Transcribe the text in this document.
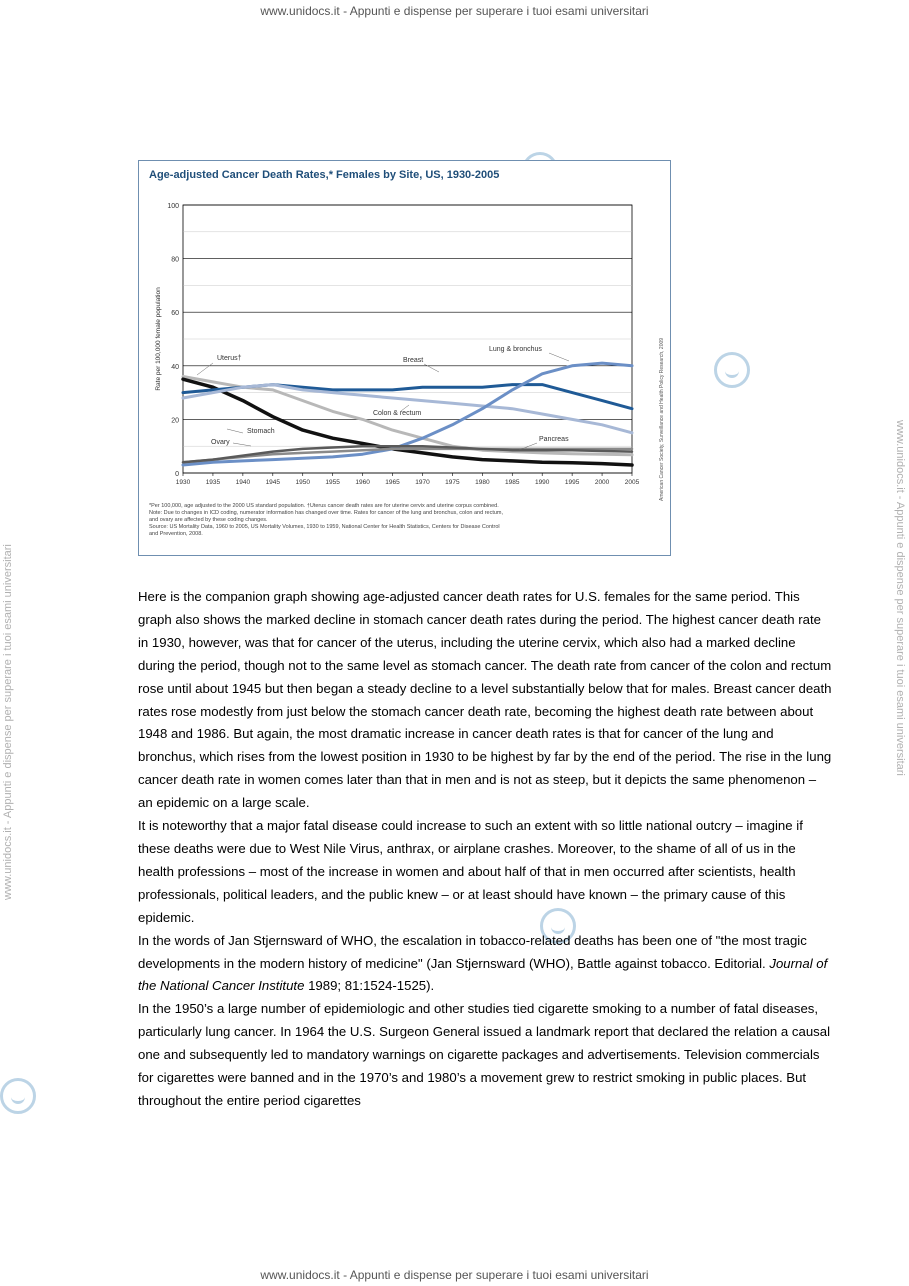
www.unidocs.it - Appunti e dispense per superare i tuoi esami universitari
www.unidocs.it - Appunti e dispense per superare i tuoi esami universitari	www.unidocs.it - Appunti e dispense per superare i tuoi esami universitari
Age-adjusted Cancer Death Rates,* Females by Site, US, 1930-2005
0
20
40
60
80
100
1930 1935 1940 1945 1950 1955 1960 1965 1970 1975 1980 1985 1990 1995 2000 2005
Rate per 100,000 female population	Uterus†	Breast
Lung & bronchus
Colon & rectum
Stomach
Ovary	Pancreas
*Per 100,000, age adjusted to the 2000 US standard population. †Uterus cancer death rates are for uterine cervix and uterine corpus combined.
Note: Due to changes in ICD coding, numerator information has changed over time. Rates for cancer of the lung and bronchus, colon and rectum,
and ovary are affected by these coding changes.
Source: US Mortality Data, 1960 to 2005, US Mortality Volumes, 1930 to 1959, National Center for Health Statistics, Centers for Disease Control
and Prevention, 2008.
American Cancer Society, Surveillance and Health Policy Research, 2009

Here is the companion graph showing age-adjusted cancer death rates for U.S. females for the same period. This graph also shows the marked decline in stomach cancer death rates during the period. The highest cancer death rate in 1930, however, was that for cancer of the uterus, including the uterine cervix, which also had a marked decline during the period, though not to the same level as stomach cancer. The death rate from cancer of the colon and rectum rose until about 1945 but then began a steady decline to a level substantially below that for males. Breast cancer death rates rose modestly from just below the stomach cancer death rate, becoming the highest death rate between about 1948 and 1986. But again, the most dramatic increase in cancer death rates is that for cancer of the lung and bronchus, which rises from the lowest position in 1930 to be highest by far by the end of the period. The rise in the lung cancer death rate in women comes later than that in men and is not as steep, but it depicts the same phenomenon – an epidemic on a large scale.

It is noteworthy that a major fatal disease could increase to such an extent with so little national outcry – imagine if these deaths were due to West Nile Virus, anthrax, or airplane crashes. Moreover, to the shame of all of us in the health professions – most of the increase in women and about half of that in men occurred after scientists, health professionals, political leaders, and the public knew – or at least should have known – the primary cause of this epidemic.

In the words of Jan Stjernsward of WHO, the escalation in tobacco-related deaths has been one of "the most tragic developments in the modern history of medicine" (Jan Stjernsward (WHO), Battle against tobacco. Editorial. Journal of the National Cancer Institute 1989; 81:1524-1525).

In the 1950’s a large number of epidemiologic and other studies tied cigarette smoking to a number of fatal diseases, particularly lung cancer. In 1964 the U.S. Surgeon General issued a landmark report that declared the relation a causal one and subsequently led to mandatory warnings on cigarette packages and advertisements. Television commercials for cigarettes were banned and in the 1970’s and 1980’s a movement grew to restrict smoking in public places. But throughout the entire period cigarettes

www.unidocs.it - Appunti e dispense per superare i tuoi esami universitari
